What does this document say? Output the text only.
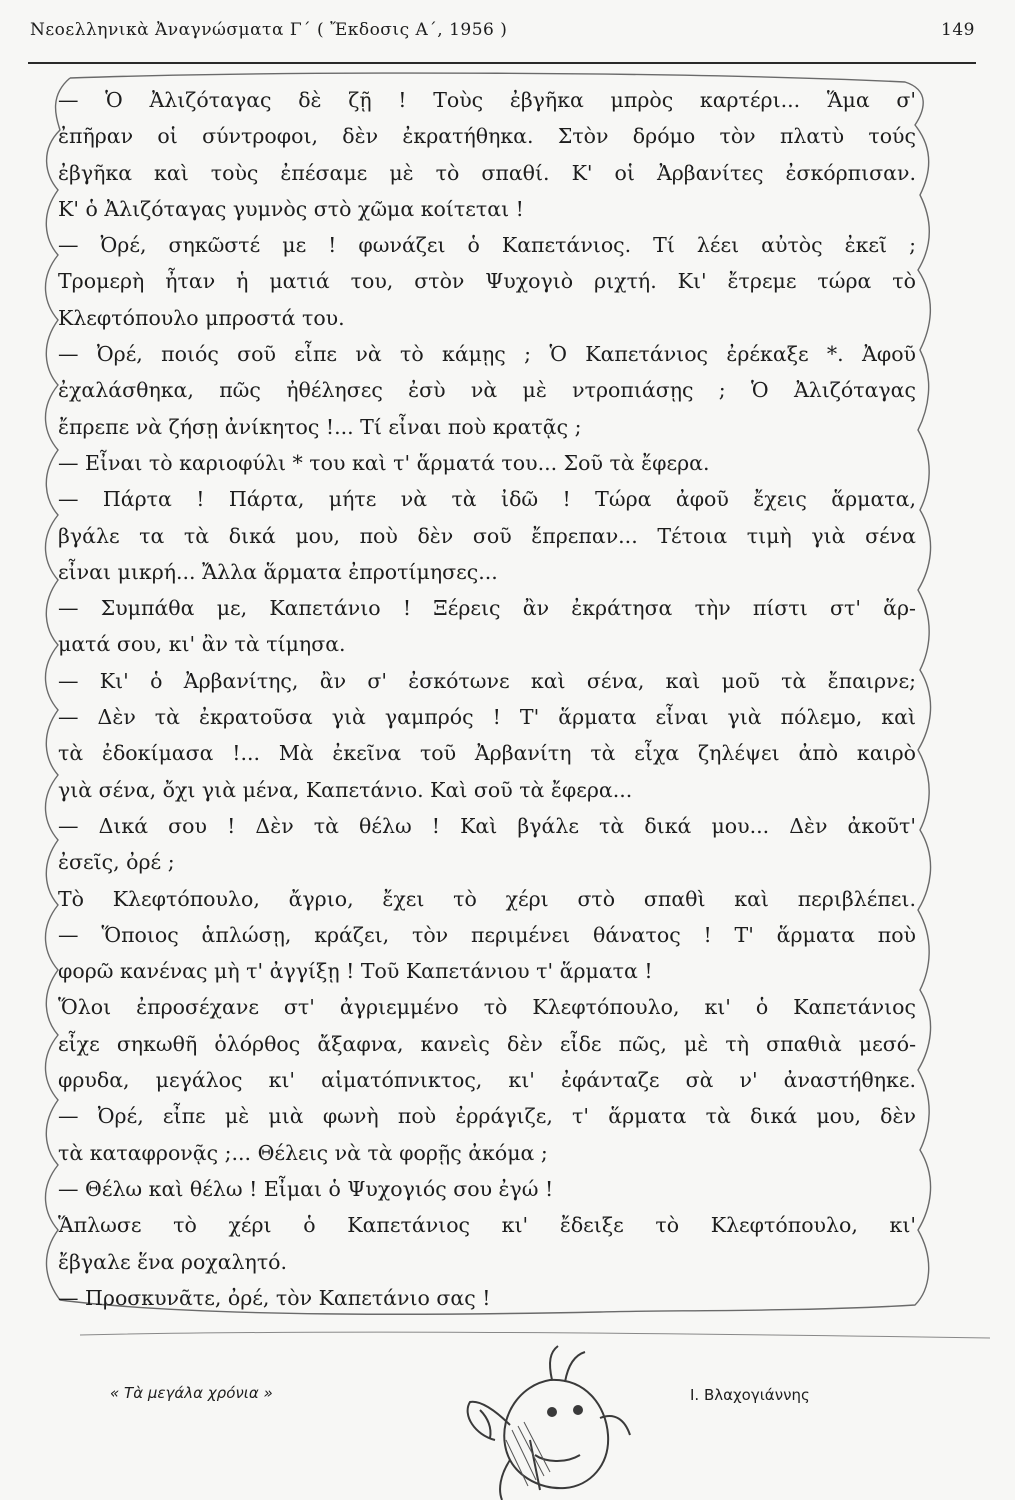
Νεοελληνικὰ Ἀναγνώσματα Γ΄ ( Ἔκδοσις Α΄, 1956 )	149
— Ὁ Ἀλιζόταγας δὲ ζῇ ! Τοὺς ἐβγῆκα μπρὸς καρτέρι... Ἅμα σ'
ἐπῆραν οἱ σύντροφοι, δὲν ἐκρατήθηκα. Στὸν δρόμο τὸν πλατὺ τούς
ἐβγῆκα καὶ τοὺς ἐπέσαμε μὲ τὸ σπαθί. Κ' οἱ Ἀρβανίτες ἐσκόρπισαν.
Κ' ὁ Ἀλιζόταγας γυμνὸς στὸ χῶμα κοίτεται !
— Ὀρέ, σηκῶστέ με ! φωνάζει ὁ Καπετάνιος. Τί λέει αὐτὸς ἐκεῖ ;
Τρομερὴ ἦταν ἡ ματιά του, στὸν Ψυχογιὸ ριχτή. Κι' ἔτρεμε τώρα τὸ
Κλεφτόπουλο μπροστά του.
— Ὀρέ, ποιός σοῦ εἶπε νὰ τὸ κάμῃς ; Ὁ Καπετάνιος ἐρέκαξε *. Ἀφοῦ
ἐχαλάσθηκα, πῶς ἠθέλησες ἐσὺ νὰ μὲ ντροπιάσῃς ; Ὁ Ἀλιζόταγας
ἔπρεπε νὰ ζήσῃ ἀνίκητος !... Τί εἶναι ποὺ κρατᾷς ;
— Εἶναι τὸ καριοφύλι * του καὶ τ' ἅρματά του... Σοῦ τὰ ἔφερα.
— Πάρτα ! Πάρτα, μήτε νὰ τὰ ἰδῶ ! Τώρα ἀφοῦ ἔχεις ἅρματα,
βγάλε τα τὰ δικά μου, ποὺ δὲν σοῦ ἔπρεπαν... Τέτοια τιμὴ γιὰ σένα
εἶναι μικρή... Ἄλλα ἅρματα ἐπροτίμησες...
— Συμπάθα με, Καπετάνιο ! Ξέρεις ἂν ἐκράτησα τὴν πίστι στ' ἅρ-
ματά σου, κι' ἂν τὰ τίμησα.
— Κι' ὁ Ἀρβανίτης, ἂν σ' ἐσκότωνε καὶ σένα, καὶ μοῦ τὰ ἔπαιρνε;
— Δὲν τὰ ἐκρατοῦσα γιὰ γαμπρός ! Τ' ἅρματα εἶναι γιὰ πόλεμο, καὶ
τὰ ἐδοκίμασα !... Μὰ ἐκεῖνα τοῦ Ἀρβανίτη τὰ εἶχα ζηλέψει ἀπὸ καιρὸ
γιὰ σένα, ὄχι γιὰ μένα, Καπετάνιο. Καὶ σοῦ τὰ ἔφερα...
— Δικά σου ! Δὲν τὰ θέλω ! Καὶ βγάλε τὰ δικά μου... Δὲν ἀκοῦτ'
ἐσεῖς, ὀρέ ;
Τὸ Κλεφτόπουλο, ἄγριο, ἔχει τὸ χέρι στὸ σπαθὶ καὶ περιβλέπει.
— Ὅποιος ἁπλώσῃ, κράζει, τὸν περιμένει θάνατος ! Τ' ἅρματα ποὺ
φορῶ κανένας μὴ τ' ἀγγίξῃ ! Τοῦ Καπετάνιου τ' ἅρματα !
Ὅλοι ἐπροσέχανε στ' ἀγριεμμένο τὸ Κλεφτόπουλο, κι' ὁ Καπετάνιος
εἶχε σηκωθῆ ὁλόρθος ἄξαφνα, κανεὶς δὲν εἶδε πῶς, μὲ τὴ σπαθιὰ μεσό-
φρυδα, μεγάλος κι' αἱματόπνικτος, κι' ἐφάνταζε σὰ ν' ἀναστήθηκε.
— Ὀρέ, εἶπε μὲ μιὰ φωνὴ ποὺ ἐρράγιζε, τ' ἅρματα τὰ δικά μου, δὲν
τὰ καταφρονᾷς ;... Θέλεις νὰ τὰ φορῇς ἀκόμα ;
— Θέλω καὶ θέλω ! Εἶμαι ὁ Ψυχογιός σου ἐγώ !
Ἅπλωσε τὸ χέρι ὁ Καπετάνιος κι' ἔδειξε τὸ Κλεφτόπουλο, κι'
ἔβγαλε ἕνα ροχαλητό.
— Προσκυνᾶτε, ὀρέ, τὸν Καπετάνιο σας !
« Τὰ μεγάλα χρόνια »	Ι. Βλαχογιάννης
